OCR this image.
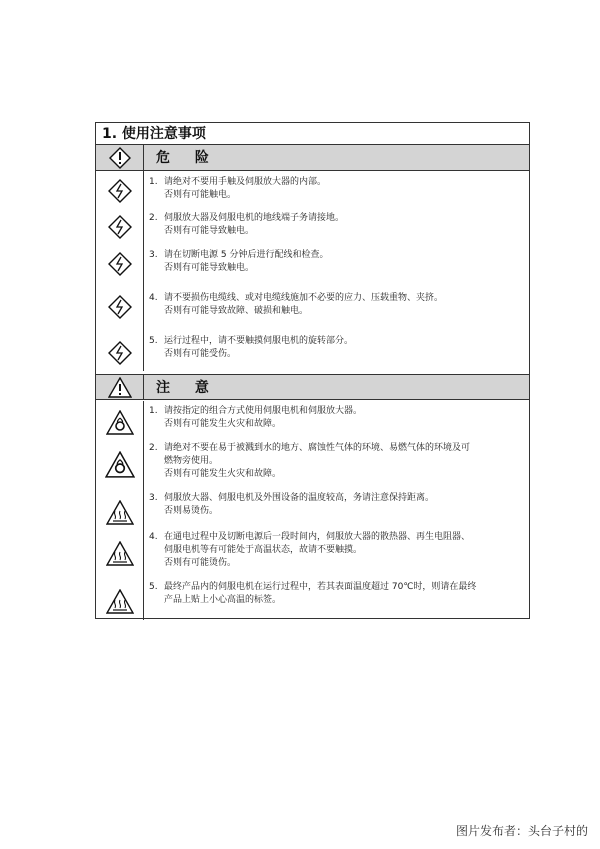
1. 使用注意事项
危 险
1. 请绝对不要用手触及伺服放大器的内部。
否则有可能触电。
2. 伺服放大器及伺服电机的地线端子务请接地。
否则有可能导致触电。
3. 请在切断电源 5 分钟后进行配线和检查。
否则有可能导致触电。
4. 请不要损伤电缆线、或对电缆线施加不必要的应力、压载重物、夹挤。
否则有可能导致故障、破损和触电。
5. 运行过程中，请不要触摸伺服电机的旋转部分。
否则有可能受伤。
注 意
1. 请按指定的组合方式使用伺服电机和伺服放大器。
否则有可能发生火灾和故障。
2. 请绝对不要在易于被溅到水的地方、腐蚀性气体的环境、易燃气体的环境及可
燃物旁使用。
否则有可能发生火灾和故障。
3. 伺服放大器、伺服电机及外围设备的温度较高，务请注意保持距离。
否则易烫伤。
4. 在通电过程中及切断电源后一段时间内，伺服放大器的散热器、再生电阻器、
伺服电机等有可能处于高温状态，故请不要触摸。
否则有可能烫伤。
5. 最终产品内的伺服电机在运行过程中，若其表面温度超过 70℃时，则请在最终
产品上贴上小心高温的标签。
图片发布者：头台子村的
